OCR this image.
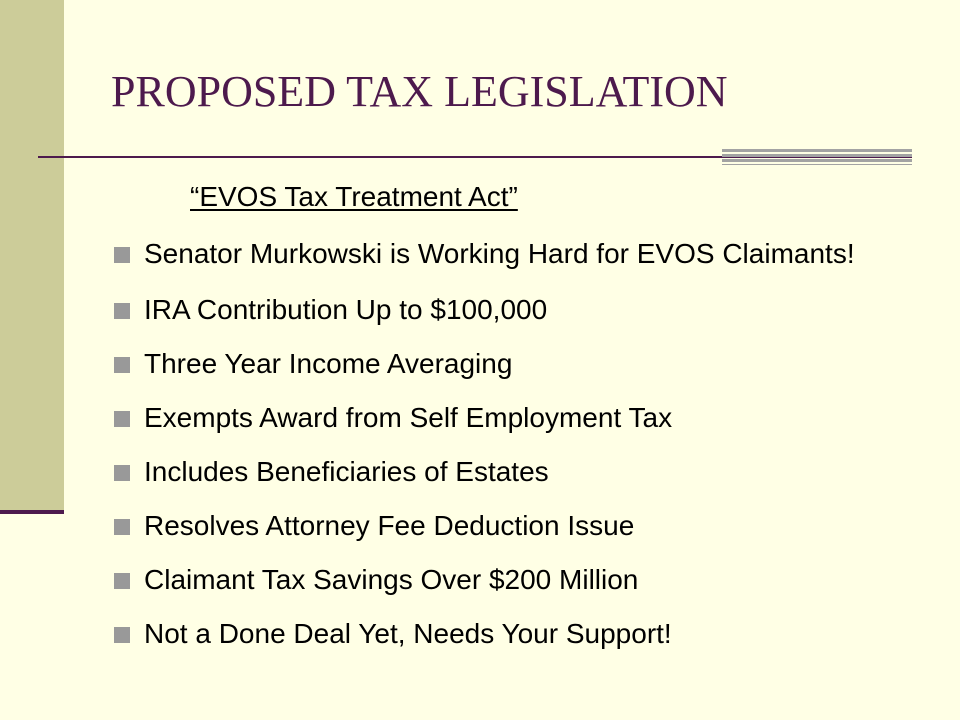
PROPOSED TAX LEGISLATION
“EVOS Tax Treatment Act”
Senator Murkowski is Working Hard for EVOS Claimants!
IRA Contribution Up to $100,000
Three Year Income Averaging
Exempts Award from Self Employment Tax
Includes Beneficiaries of Estates
Resolves Attorney Fee Deduction Issue
Claimant Tax Savings Over $200 Million
Not a Done Deal Yet, Needs Your Support!
